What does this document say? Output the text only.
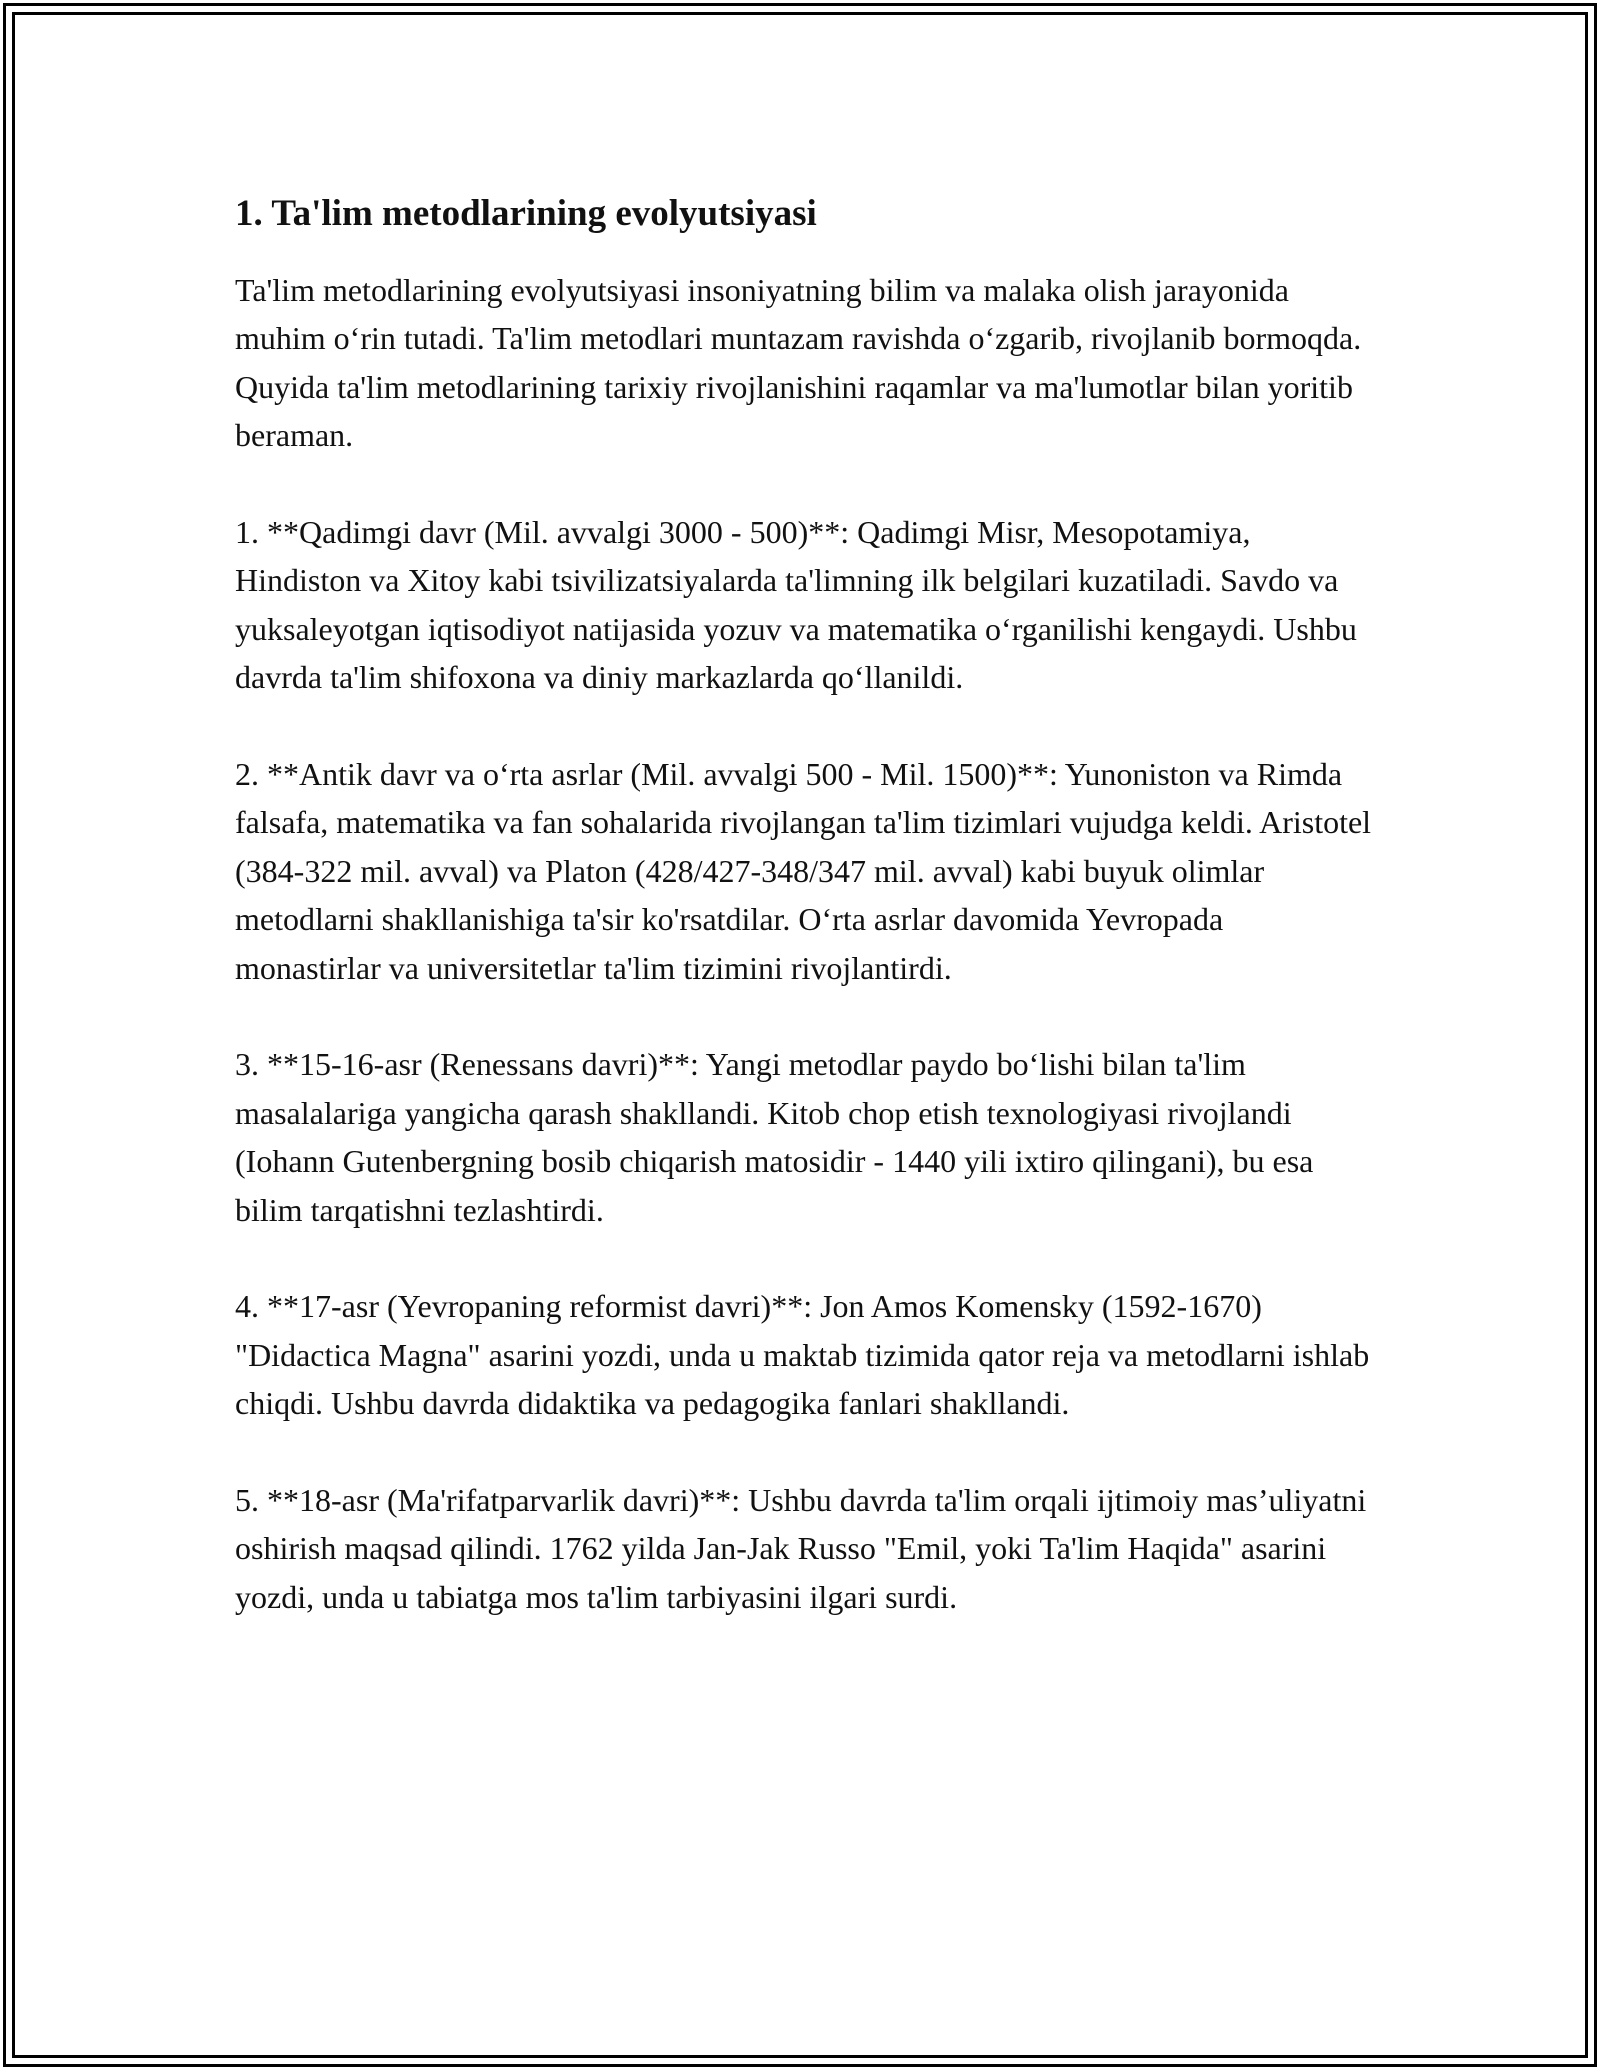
1. Ta'lim metodlarining evolyutsiyasi

Ta'lim metodlarining evolyutsiyasi insoniyatning bilim va malaka olish jarayonida muhim o‘rin tutadi. Ta'lim metodlari muntazam ravishda o‘zgarib, rivojlanib bormoqda. Quyida ta'lim metodlarining tarixiy rivojlanishini raqamlar va ma'lumotlar bilan yoritib beraman.

1. **Qadimgi davr (Mil. avvalgi 3000 - 500)**: Qadimgi Misr, Mesopotamiya, Hindiston va Xitoy kabi tsivilizatsiyalarda ta'limning ilk belgilari kuzatiladi. Savdo va yuksaleyotgan iqtisodiyot natijasida yozuv va matematika o‘rganilishi kengaydi. Ushbu davrda ta'lim shifoxona va diniy markazlarda qo‘llanildi.

2. **Antik davr va o‘rta asrlar (Mil. avvalgi 500 - Mil. 1500)**: Yunoniston va Rimda falsafa, matematika va fan sohalarida rivojlangan ta'lim tizimlari vujudga keldi. Aristotel (384-322 mil. avval) va Platon (428/427-348/347 mil. avval) kabi buyuk olimlar metodlarni shakllanishiga ta'sir ko'rsatdilar. O‘rta asrlar davomida Yevropada monastirlar va universitetlar ta'lim tizimini rivojlantirdi.

3. **15-16-asr (Renessans davri)**: Yangi metodlar paydo bo‘lishi bilan ta'lim masalalariga yangicha qarash shakllandi. Kitob chop etish texnologiyasi rivojlandi (Iohann Gutenbergning bosib chiqarish matosidir - 1440 yili ixtiro qilingani), bu esa bilim tarqatishni tezlashtirdi.

4. **17-asr (Yevropaning reformist davri)**: Jon Amos Komensky (1592-1670) "Didactica Magna" asarini yozdi, unda u maktab tizimida qator reja va metodlarni ishlab chiqdi. Ushbu davrda didaktika va pedagogika fanlari shakllandi.

5. **18-asr (Ma'rifatparvarlik davri)**: Ushbu davrda ta'lim orqali ijtimoiy mas’uliyatni oshirish maqsad qilindi. 1762 yilda Jan-Jak Russo "Emil, yoki Ta'lim Haqida" asarini yozdi, unda u tabiatga mos ta'lim tarbiyasini ilgari surdi.
